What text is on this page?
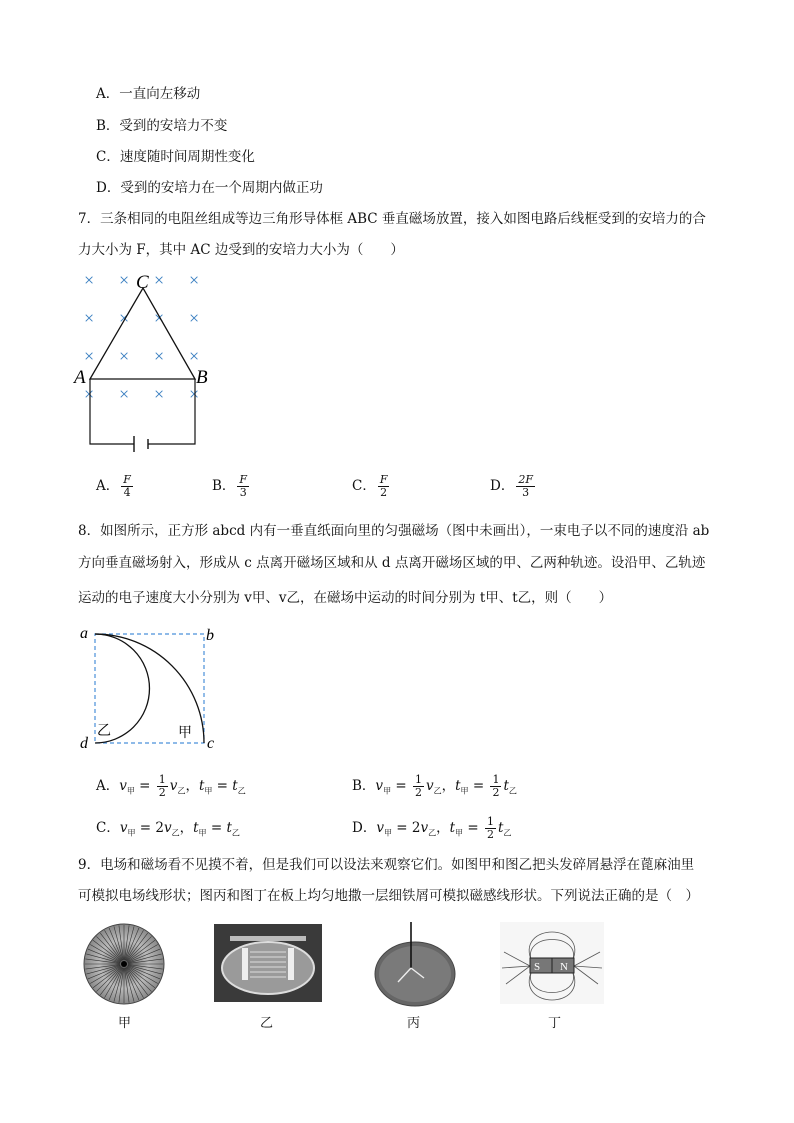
A．一直向左移动
B．受到的安培力不变
C．速度随时间周期性变化
D．受到的安培力在一个周期内做正功
7．三条相同的电阻丝组成等边三角形导体框 ABC 垂直磁场放置，接入如图电路后线框受到的安培力的合
力大小为 F，其中 AC 边受到的安培力大小为（　　）
× × × ×
× × × ×
× × × ×
× × × ×
C
A	B
A． $\frac{F}{4}$	B． $\frac{F}{3}$	C． $\frac{F}{2}$	D． $\frac{2F}{3}$
8．如图所示，正方形 abcd 内有一垂直纸面向里的匀强磁场（图中未画出），一束电子以不同的速度沿 ab
方向垂直磁场射入，形成从 c 点离开磁场区域和从 d 点离开磁场区域的甲、乙两种轨迹。设沿甲、乙轨迹
运动的电子速度大小分别为 v甲、v乙，在磁场中运动的时间分别为 t甲、t乙，则（　　）
a	b
c
d
乙	甲
A．$v_甲 = \frac{1}{2} v_乙$，$t_甲 = t_乙$	B．$v_甲 = \frac{1}{2} v_乙$，$t_甲 = \frac{1}{2} t_乙$
C．$v_甲 = 2v_乙$，$t_甲 = t_乙$	D．$v_甲 = 2v_乙$，$t_甲 = \frac{1}{2} t_乙$
9．电场和磁场看不见摸不着，但是我们可以设法来观察它们。如图甲和图乙把头发碎屑悬浮在蓖麻油里
可模拟电场线形状；图丙和图丁在板上均匀地撒一层细铁屑可模拟磁感线形状。下列说法正确的是（　）
S N
甲	乙	丙	丁
